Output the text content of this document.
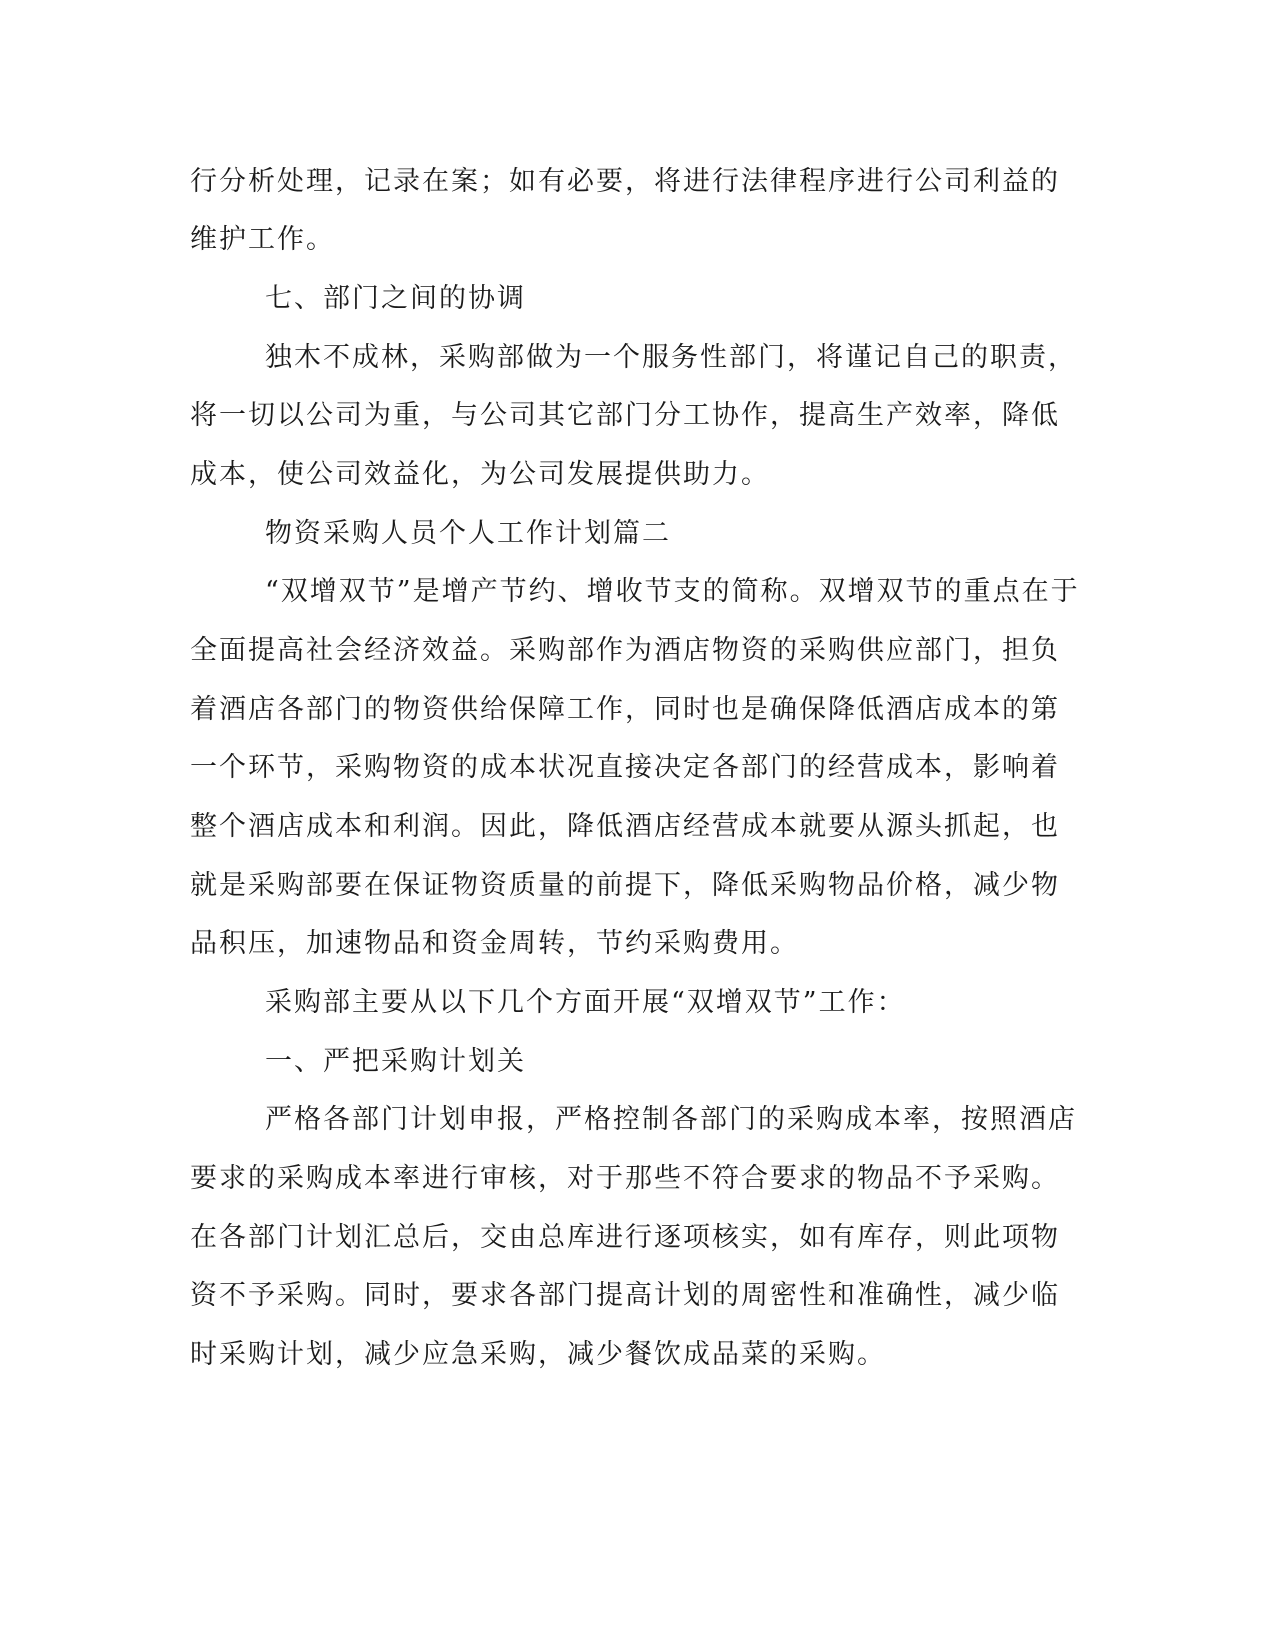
行分析处理，记录在案；如有必要，将进行法律程序进行公司利益的
维护工作。
七、部门之间的协调
独木不成林，采购部做为一个服务性部门，将谨记自己的职责，
将一切以公司为重，与公司其它部门分工协作，提高生产效率，降低
成本，使公司效益化，为公司发展提供助力。
物资采购人员个人工作计划篇二
“双增双节”是增产节约、增收节支的简称。双增双节的重点在于
全面提高社会经济效益。采购部作为酒店物资的采购供应部门，担负
着酒店各部门的物资供给保障工作，同时也是确保降低酒店成本的第
一个环节，采购物资的成本状况直接决定各部门的经营成本，影响着
整个酒店成本和利润。因此，降低酒店经营成本就要从源头抓起，也
就是采购部要在保证物资质量的前提下，降低采购物品价格，减少物
品积压，加速物品和资金周转，节约采购费用。
采购部主要从以下几个方面开展“双增双节”工作：
一、严把采购计划关
严格各部门计划申报，严格控制各部门的采购成本率，按照酒店
要求的采购成本率进行审核，对于那些不符合要求的物品不予采购。
在各部门计划汇总后，交由总库进行逐项核实，如有库存，则此项物
资不予采购。同时，要求各部门提高计划的周密性和准确性，减少临
时采购计划，减少应急采购，减少餐饮成品菜的采购。
